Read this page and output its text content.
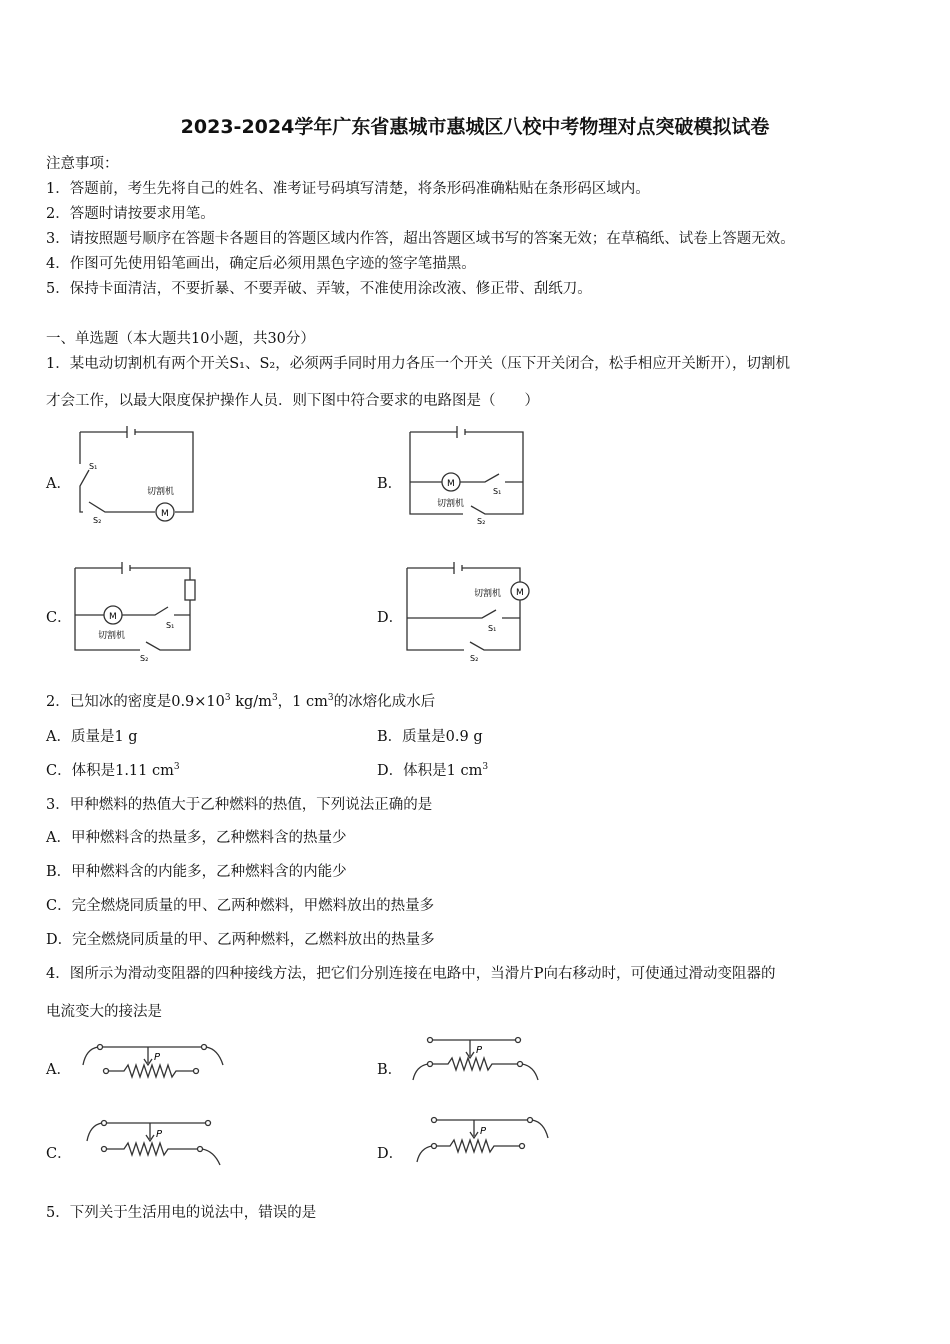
2023-2024学年广东省惠城市惠城区八校中考物理对点突破模拟试卷
注意事项：
1．答题前，考生先将自己的姓名、准考证号码填写清楚，将条形码准确粘贴在条形码区域内。
2．答题时请按要求用笔。
3．请按照题号顺序在答题卡各题目的答题区域内作答，超出答题区域书写的答案无效；在草稿纸、试卷上答题无效。
4．作图可先使用铅笔画出，确定后必须用黑色字迹的签字笔描黑。
5．保持卡面清洁，不要折暴、不要弄破、弄皱，不准使用涂改液、修正带、刮纸刀。
一、单选题（本大题共10小题，共30分）
1．某电动切割机有两个开关S₁、S₂，必须两手同时用力各压一个开关（压下开关闭合，松手相应开关断开），切割机
才会工作，以最大限度保护操作人员．则下图中符合要求的电路图是（　　）
A．	B．
C．	D．
M
切割机
S₁
S₂
M
切割机
S₁
S₂
M
切割机
S₁
S₂
M
切割机
S₁
S₂
2．已知冰的密度是$0.9\times 10^3$ $kg/m^3$，1 $cm^3$的冰熔化成水后
A．质量是1 g	B．质量是0.9 g
C．体积是1.11 $cm^3$	D．体积是1 $cm^3$
3．甲种燃料的热值大于乙种燃料的热值，下列说法正确的是
A．甲种燃料含的热量多，乙种燃料含的热量少
B．甲种燃料含的内能多，乙种燃料含的内能少
C．完全燃烧同质量的甲、乙两种燃料，甲燃料放出的热量多
D．完全燃烧同质量的甲、乙两种燃料，乙燃料放出的热量多
4．图所示为滑动变阻器的四种接线方法，把它们分别连接在电路中，当滑片P向右移动时，可使通过滑动变阻器的
电流变大的接法是
A．	B．
C．	D．
P
P
P	P
5．下列关于生活用电的说法中，错误的是
